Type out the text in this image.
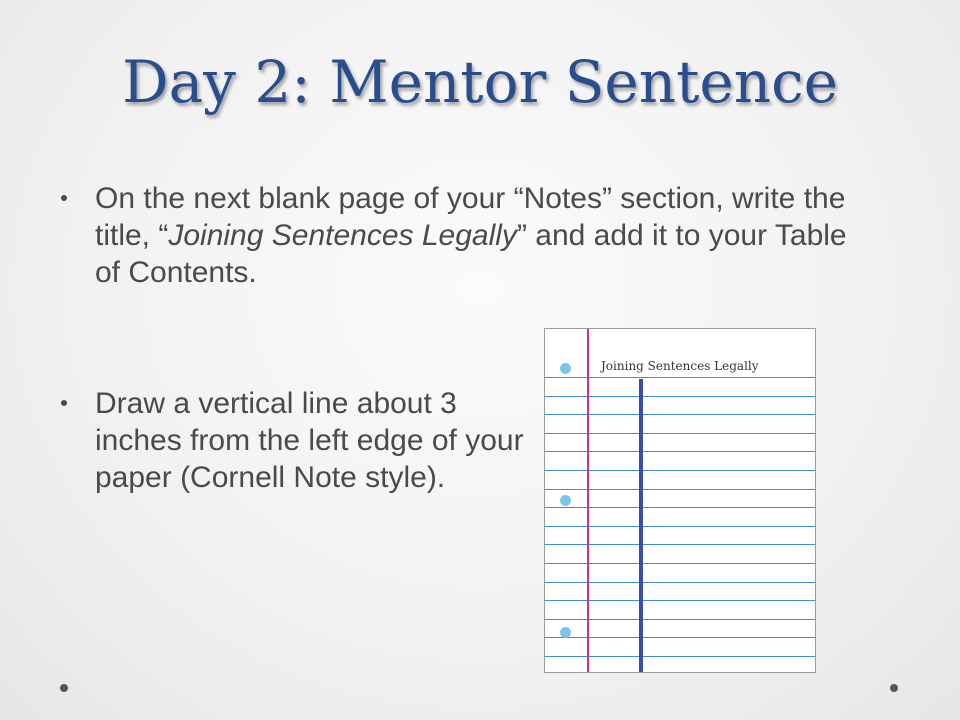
Day 2: Mentor Sentence
On the next blank page of your “Notes” section, write the title, “Joining Sentences Legally” and add it to your Table of Contents.
Draw a vertical line about 3 inches from the left edge of your paper (Cornell Note style).
Joining Sentences Legally
